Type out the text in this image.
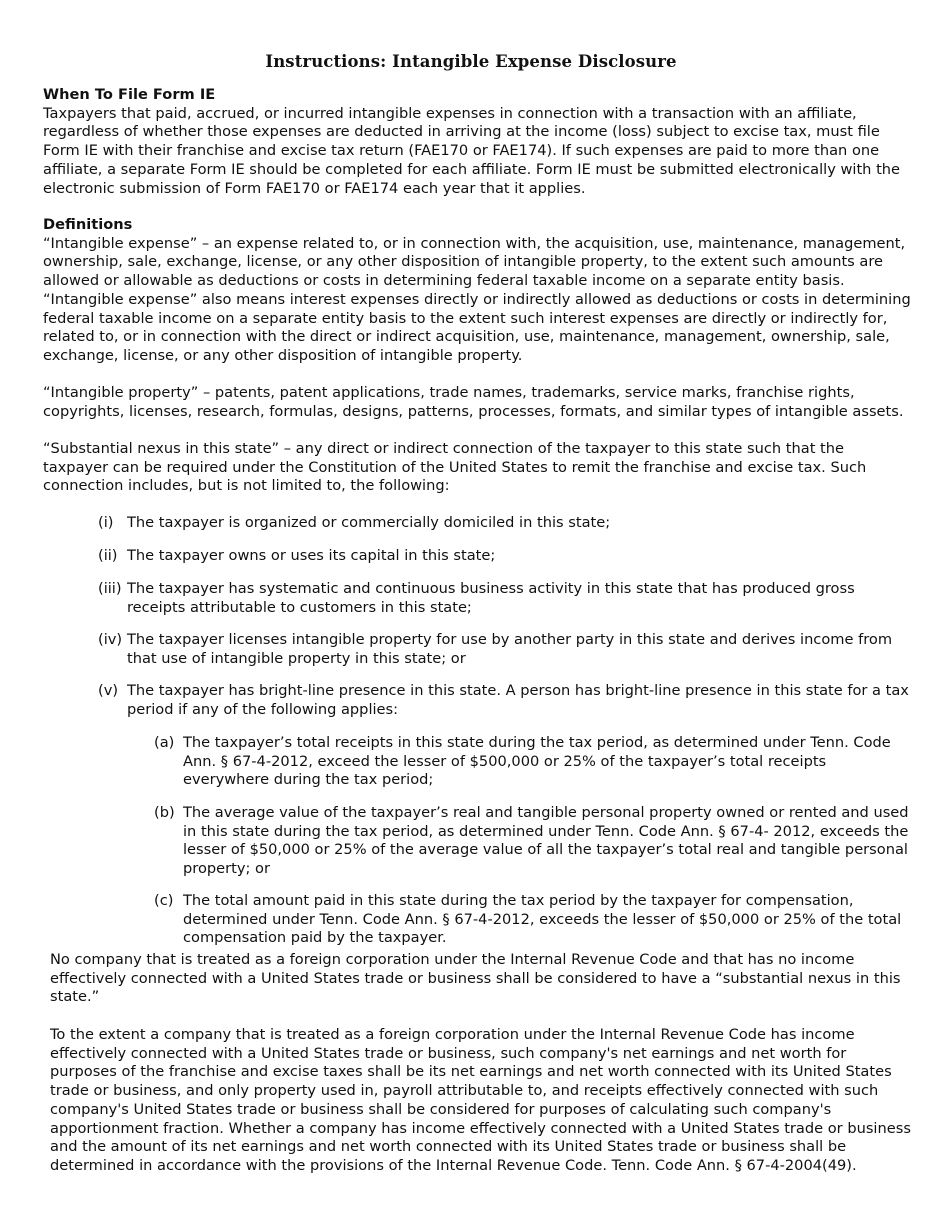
Instructions: Intangible Expense Disclosure
When To File Form IE

Taxpayers that paid, accrued, or incurred intangible expenses in connection with a transaction with an affiliate, regardless of whether those expenses are deducted in arriving at the income (loss) subject to excise tax, must file Form IE with their franchise and excise tax return (FAE170 or FAE174). If such expenses are paid to more than one affiliate, a separate Form IE should be completed for each affiliate. Form IE must be submitted electronically with the electronic submission of Form FAE170 or FAE174 each year that it applies.

Definitions

“Intangible expense” – an expense related to, or in connection with, the acquisition, use, maintenance, management, ownership, sale, exchange, license, or any other disposition of intangible property, to the extent such amounts are allowed or allowable as deductions or costs in determining federal taxable income on a separate entity basis. “Intangible expense” also means interest expenses directly or indirectly allowed as deductions or costs in determining federal taxable income on a separate entity basis to the extent such interest expenses are directly or indirectly for, related to, or in connection with the direct or indirect acquisition, use, maintenance, management, ownership, sale, exchange, license, or any other disposition of intangible property.

“Intangible property” – patents, patent applications, trade names, trademarks, service marks, franchise rights, copyrights, licenses, research, formulas, designs, patterns, processes, formats, and similar types of intangible assets.
“Substantial nexus in this state” – any direct or indirect connection of the taxpayer to this state such that the taxpayer can be required under the Constitution of the United States to remit the franchise and excise tax. Such connection includes, but is not limited to, the following:
(i) The taxpayer is organized or commercially domiciled in this state;
(ii) The taxpayer owns or uses its capital in this state;
(iii) The taxpayer has systematic and continuous business activity in this state that has produced gross receipts attributable to customers in this state;
(iv) The taxpayer licenses intangible property for use by another party in this state and derives income from that use of intangible property in this state; or
(v) The taxpayer has bright-line presence in this state. A person has bright-line presence in this state for a tax period if any of the following applies:
(a) The taxpayer’s total receipts in this state during the tax period, as determined under Tenn. Code Ann. § 67-4-2012, exceed the lesser of $500,000 or 25% of the taxpayer’s total receipts everywhere during the tax period;
(b) The average value of the taxpayer’s real and tangible personal property owned or rented and used in this state during the tax period, as determined under Tenn. Code Ann. § 67-4- 2012, exceeds the lesser of $50,000 or 25% of the average value of all the taxpayer’s total real and tangible personal property; or
(c) The total amount paid in this state during the tax period by the taxpayer for compensation, determined under Tenn. Code Ann. § 67-4-2012, exceeds the lesser of $50,000 or 25% of the total compensation paid by the taxpayer.
No company that is treated as a foreign corporation under the Internal Revenue Code and that has no income effectively connected with a United States trade or business shall be considered to have a “substantial nexus in this state.”
To the extent a company that is treated as a foreign corporation under the Internal Revenue Code has income effectively connected with a United States trade or business, such company's net earnings and net worth for purposes of the franchise and excise taxes shall be its net earnings and net worth connected with its United States trade or business, and only property used in, payroll attributable to, and receipts effectively connected with such company's United States trade or business shall be considered for purposes of calculating such company's apportionment fraction. Whether a company has income effectively connected with a United States trade or business and the amount of its net earnings and net worth connected with its United States trade or business shall be determined in accordance with the provisions of the Internal Revenue Code. Tenn. Code Ann. § 67-4-2004(49).
